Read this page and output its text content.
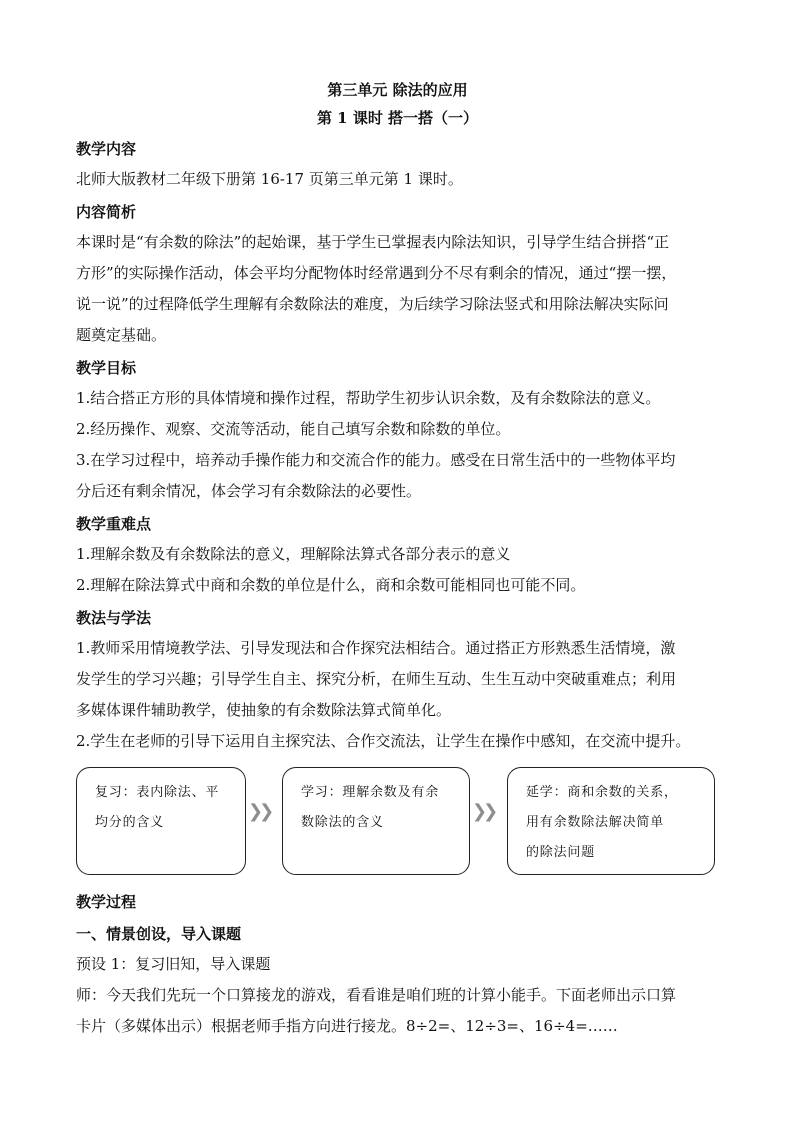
第三单元 除法的应用
第 1 课时 搭一搭（一）
教学内容

北师大版教材二年级下册第 16-17 页第三单元第 1 课时。

内容简析

本课时是“有余数的除法”的起始课，基于学生已掌握表内除法知识，引导学生结合拼搭“正

方形”的实际操作活动，体会平均分配物体时经常遇到分不尽有剩余的情况，通过“摆一摆，

说一说”的过程降低学生理解有余数除法的难度，为后续学习除法竖式和用除法解决实际问

题奠定基础。

教学目标

1.结合搭正方形的具体情境和操作过程，帮助学生初步认识余数，及有余数除法的意义。

2.经历操作、观察、交流等活动，能自己填写余数和除数的单位。

3.在学习过程中，培养动手操作能力和交流合作的能力。感受在日常生活中的一些物体平均

分后还有剩余情况，体会学习有余数除法的必要性。

教学重难点

1.理解余数及有余数除法的意义，理解除法算式各部分表示的意义

2.理解在除法算式中商和余数的单位是什么，商和余数可能相同也可能不同。

教法与学法

1.教师采用情境教学法、引导发现法和合作探究法相结合。通过搭正方形熟悉生活情境，激

发学生的学习兴趣；引导学生自主、探究分析，在师生互动、生生互动中突破重难点；利用

多媒体课件辅助教学，使抽象的有余数除法算式简单化。

2.学生在老师的引导下运用自主探究法、合作交流法，让学生在操作中感知，在交流中提升。

复习：表内除法、平
均分的含义
❯❯
学习：理解余数及有余
数除法的含义
❯❯
延学：商和余数的关系，
用有余数除法解决简单
的除法问题
教学过程
一、情景创设，导入课题

预设 1：复习旧知，导入课题

师：今天我们先玩一个口算接龙的游戏，看看谁是咱们班的计算小能手。下面老师出示口算

卡片（多媒体出示）根据老师手指方向进行接龙。8÷2=、12÷3=、16÷4=……
